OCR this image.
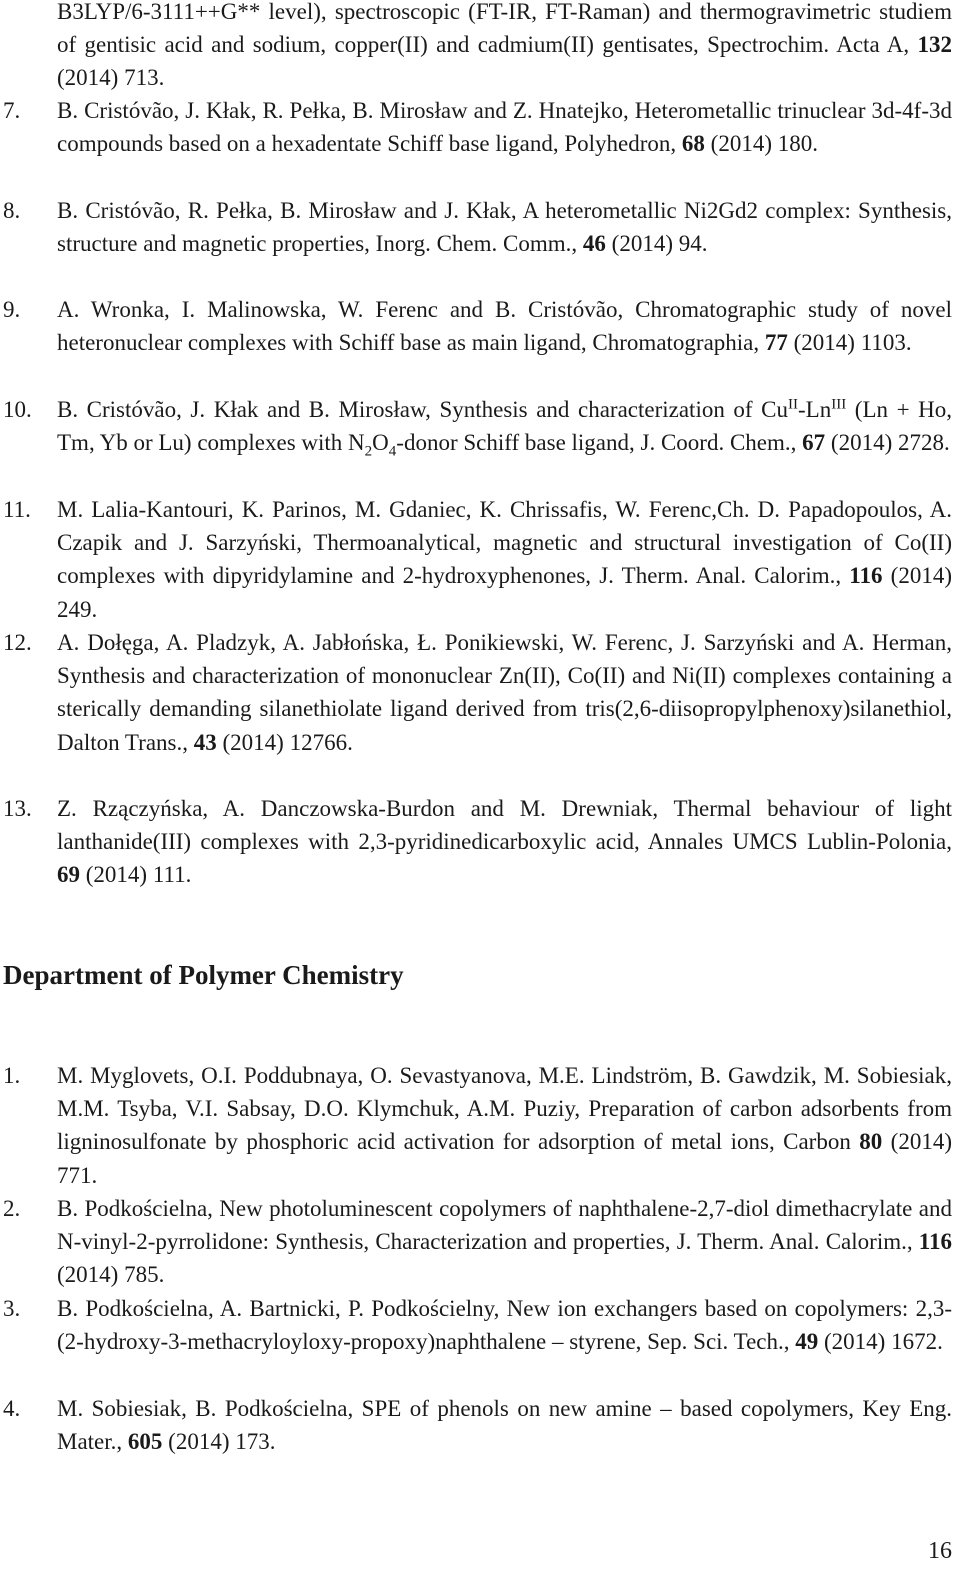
B3LYP/6-3111++G** level), spectroscopic (FT-IR, FT-Raman) and thermogravimetric studiem of gentisic acid and sodium, copper(II) and cadmium(II) gentisates, Spectrochim. Acta A, 132 (2014) 713.
7. B. Cristóvão, J. Kłak, R. Pełka, B. Mirosław and Z. Hnatejko, Heterometallic trinuclear 3d-4f-3d compounds based on a hexadentate Schiff base ligand, Polyhedron, 68 (2014) 180.
8. B. Cristóvão, R. Pełka, B. Mirosław and J. Kłak, A heterometallic Ni2Gd2 complex: Synthesis, structure and magnetic properties, Inorg. Chem. Comm., 46 (2014) 94.
9. A. Wronka, I. Malinowska, W. Ferenc and B. Cristóvão, Chromatographic study of novel heteronuclear complexes with Schiff base as main ligand, Chromatographia, 77 (2014) 1103.
10. B. Cristóvão, J. Kłak and B. Mirosław, Synthesis and characterization of $Cu^{II}-Ln^{III}$ (Ln + Ho, Tm, Yb or Lu) complexes with $N_2O_4$-donor Schiff base ligand, J. Coord. Chem., 67 (2014) 2728.
11. M. Lalia-Kantouri, K. Parinos, M. Gdaniec, K. Chrissafis, W. Ferenc,Ch. D. Papadopoulos, A. Czapik and J. Sarzyński, Thermoanalytical, magnetic and structural investigation of Co(II) complexes with dipyridylamine and 2-hydroxyphenones, J. Therm. Anal. Calorim., 116 (2014) 249.
12. A. Dołęga, A. Pladzyk, A. Jabłońska, Ł. Ponikiewski, W. Ferenc, J. Sarzyński and A. Herman, Synthesis and characterization of mononuclear Zn(II), Co(II) and Ni(II) complexes containing a sterically demanding silanethiolate ligand derived from tris(2,6-diisopropylphenoxy)silanethiol, Dalton Trans., 43 (2014) 12766.
13. Z. Rzączyńska, A. Danczowska-Burdon and M. Drewniak, Thermal behaviour of light lanthanide(III) complexes with 2,3-pyridinedicarboxylic acid, Annales UMCS Lublin-Polonia, 69 (2014) 111.
Department of Polymer Chemistry
1. M. Myglovets, O.I. Poddubnaya, O. Sevastyanova, M.E. Lindström, B. Gawdzik, M. Sobiesiak, M.M. Tsyba, V.I. Sabsay, D.O. Klymchuk, A.M. Puziy, Preparation of carbon adsorbents from ligninosulfonate by phosphoric acid activation for adsorption of metal ions, Carbon 80 (2014) 771.
2. B. Podkościelna, New photoluminescent copolymers of naphthalene-2,7-diol dimethacrylate and N-vinyl-2-pyrrolidone: Synthesis, Characterization and properties, J. Therm. Anal. Calorim., 116 (2014) 785.
3. B. Podkościelna, A. Bartnicki, P. Podkościelny, New ion exchangers based on copolymers: 2,3-(2-hydroxy-3-methacryloyloxy-propoxy)naphthalene – styrene, Sep. Sci. Tech., 49 (2014) 1672.
4. M. Sobiesiak, B. Podkościelna, SPE of phenols on new amine – based copolymers, Key Eng. Mater., 605 (2014) 173.
16
